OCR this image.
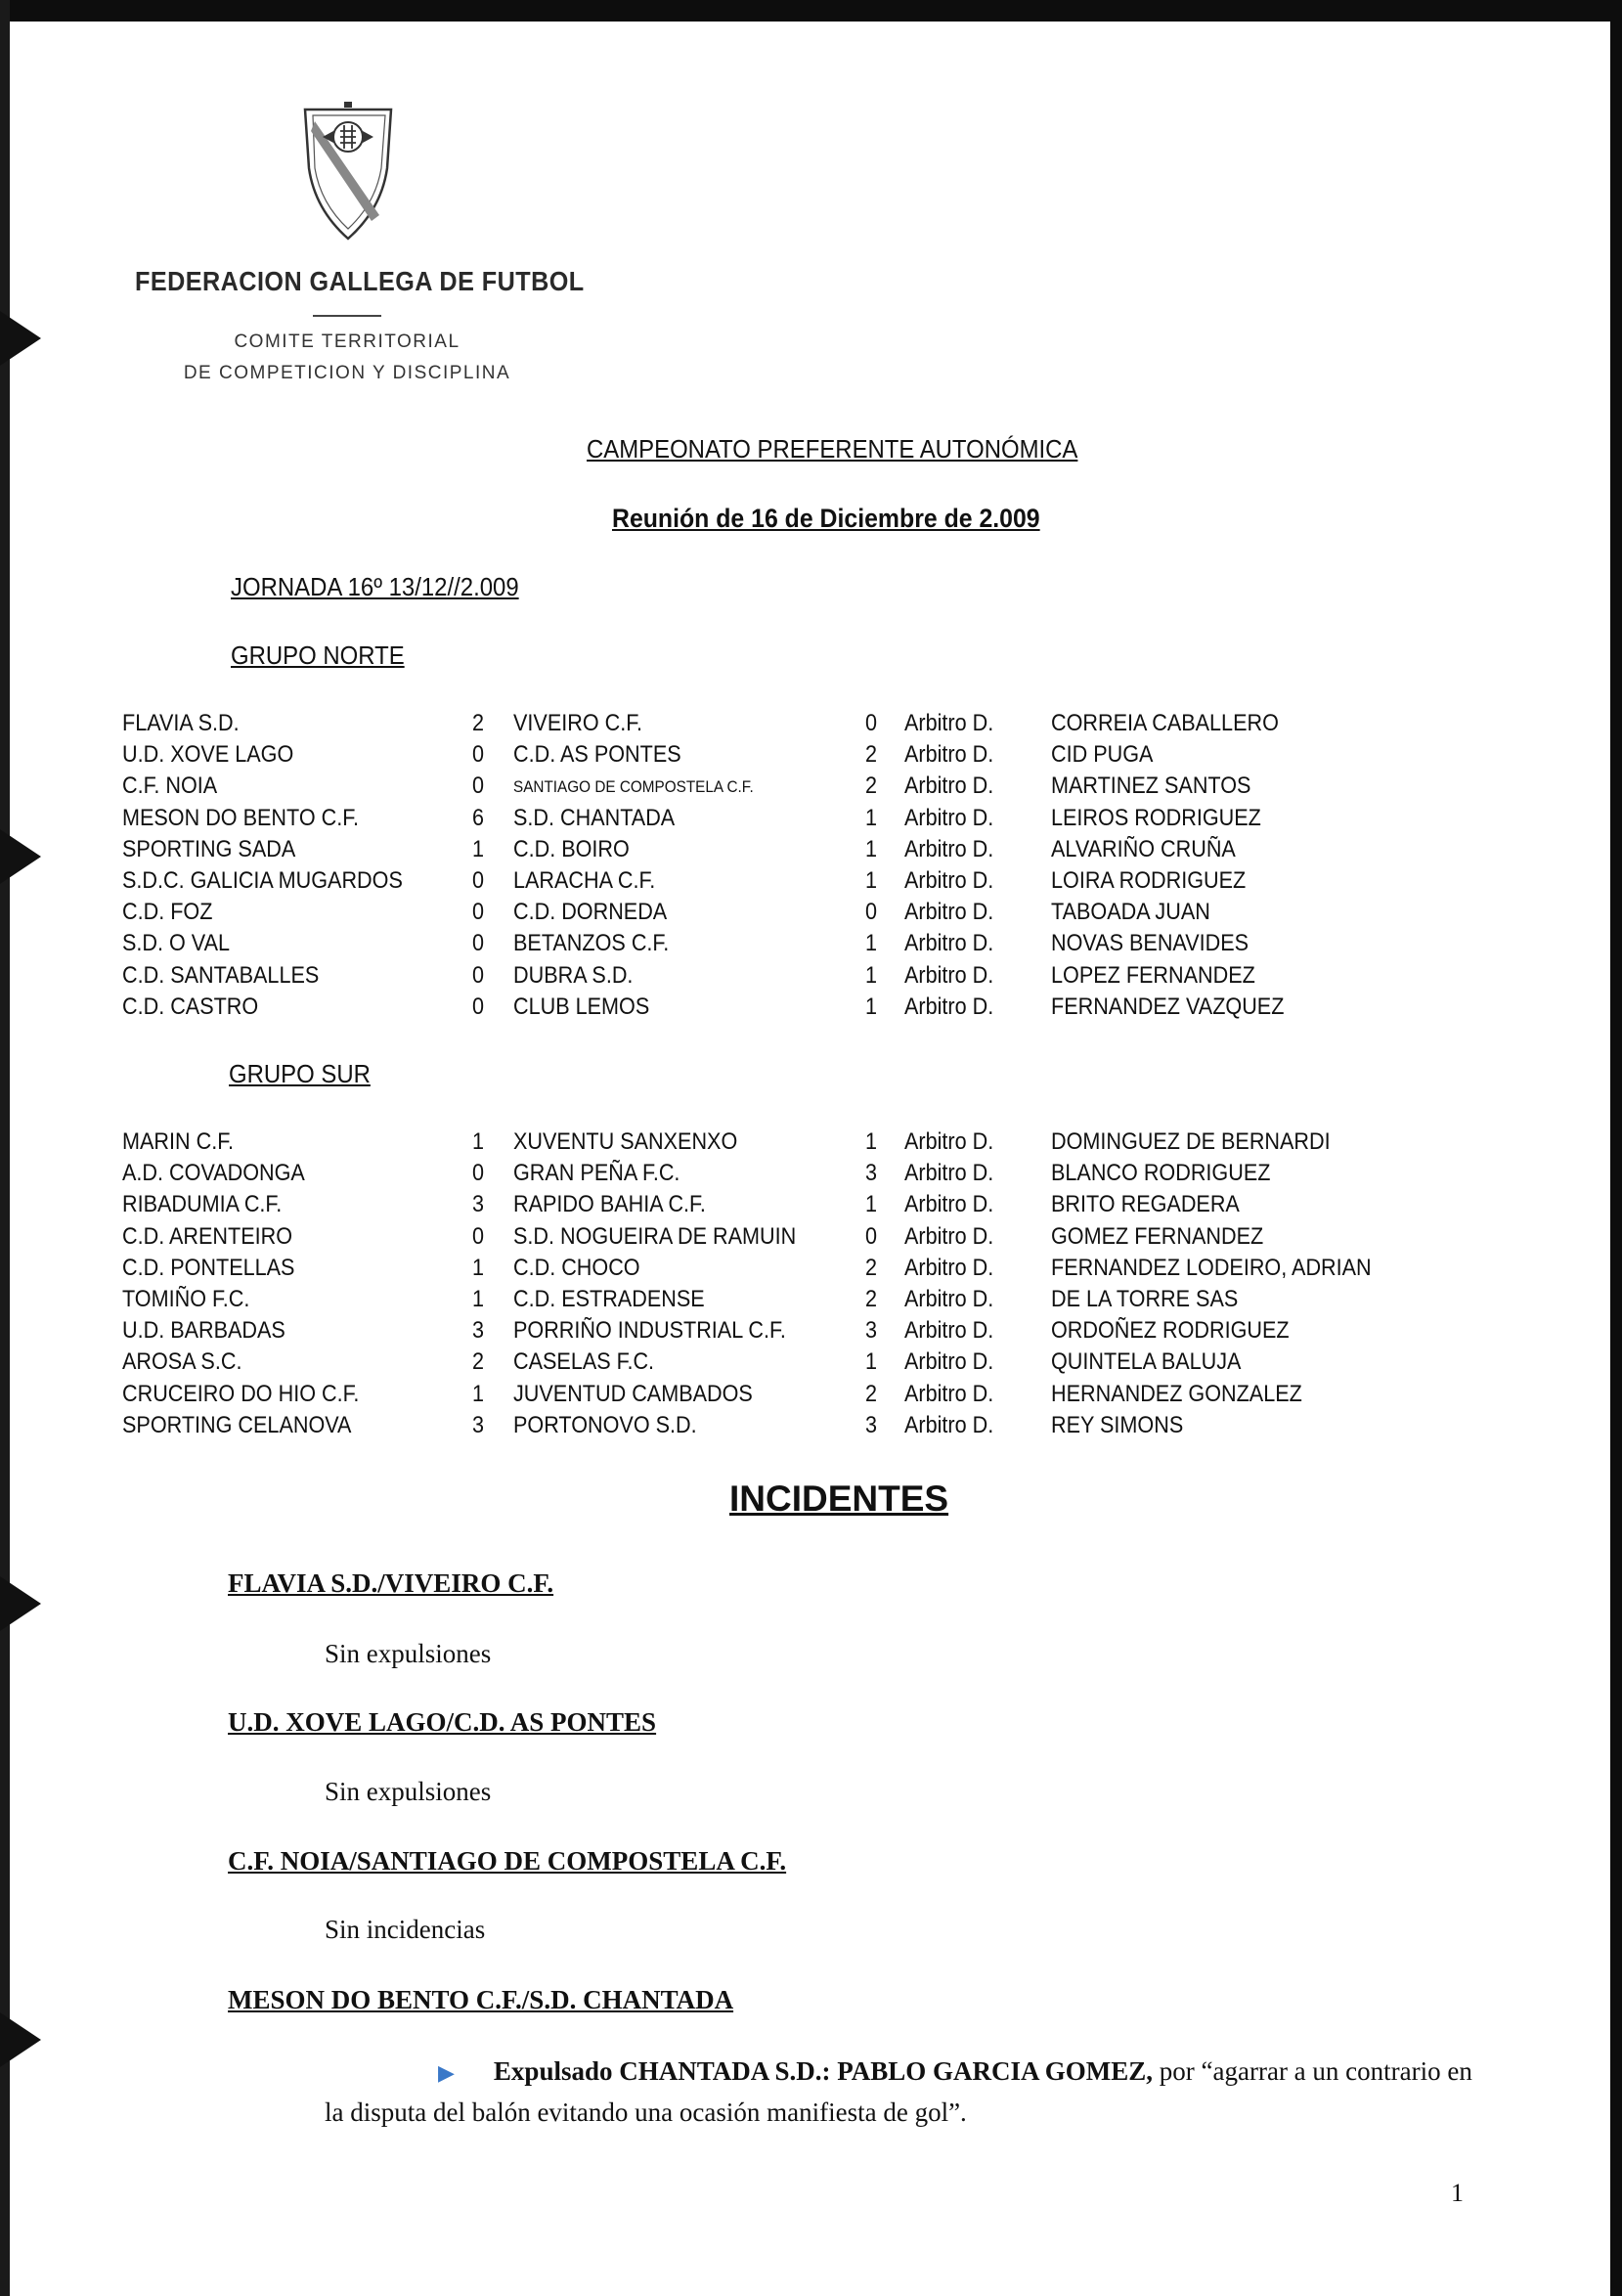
FEDERACION GALLEGA DE FUTBOL
COMITE TERRITORIAL
DE COMPETICION Y DISCIPLINA
CAMPEONATO PREFERENTE AUTONÓMICA
Reunión de 16 de Diciembre de 2.009
JORNADA 16º 13/12//2.009
GRUPO NORTE
FLAVIA S.D.	2 VIVEIRO C.F.	0 Arbitro D. CORREIA CABALLERO
U.D. XOVE LAGO	0 C.D. AS PONTES	2 Arbitro D. CID PUGA
C.F. NOIA	0 SANTIAGO DE COMPOSTELA C.F.	2 Arbitro D. MARTINEZ SANTOS
MESON DO BENTO C.F.	6 S.D. CHANTADA	1 Arbitro D. LEIROS RODRIGUEZ
SPORTING SADA	1 C.D. BOIRO	1 Arbitro D. ALVARIÑO CRUÑA
S.D.C. GALICIA MUGARDOS	0 LARACHA C.F.	1 Arbitro D. LOIRA RODRIGUEZ
C.D. FOZ	0 C.D. DORNEDA	0 Arbitro D. TABOADA JUAN
S.D. O VAL	0 BETANZOS C.F.	1 Arbitro D. NOVAS BENAVIDES
C.D. SANTABALLES	0 DUBRA S.D.	1 Arbitro D. LOPEZ FERNANDEZ
C.D. CASTRO	0 CLUB LEMOS	1 Arbitro D. FERNANDEZ VAZQUEZ
GRUPO SUR
MARIN C.F.	1 XUVENTU SANXENXO	1 Arbitro D. DOMINGUEZ DE BERNARDI
A.D. COVADONGA	0 GRAN PEÑA F.C.	3 Arbitro D. BLANCO RODRIGUEZ
RIBADUMIA C.F.	3 RAPIDO BAHIA C.F.	1 Arbitro D. BRITO REGADERA
C.D. ARENTEIRO	0 S.D. NOGUEIRA DE RAMUIN	0 Arbitro D. GOMEZ FERNANDEZ
C.D. PONTELLAS	1 C.D. CHOCO	2 Arbitro D. FERNANDEZ LODEIRO, ADRIAN
TOMIÑO F.C.	1 C.D. ESTRADENSE	2 Arbitro D. DE LA TORRE SAS
U.D. BARBADAS	3 PORRIÑO INDUSTRIAL C.F.	3 Arbitro D. ORDOÑEZ RODRIGUEZ
AROSA S.C.	2 CASELAS F.C.	1 Arbitro D. QUINTELA BALUJA
CRUCEIRO DO HIO C.F.	1 JUVENTUD CAMBADOS	2 Arbitro D. HERNANDEZ GONZALEZ
SPORTING CELANOVA	3 PORTONOVO S.D.	3 Arbitro D. REY SIMONS
INCIDENTES
FLAVIA S.D./VIVEIRO C.F.
Sin expulsiones
U.D. XOVE LAGO/C.D. AS PONTES
Sin expulsiones
C.F. NOIA/SANTIAGO DE COMPOSTELA C.F.
Sin incidencias
MESON DO BENTO C.F./S.D. CHANTADA
▶ Expulsado CHANTADA S.D.: PABLO GARCIA GOMEZ, por “agarrar a un contrario en la disputa del balón evitando una ocasión manifiesta de gol”.
1
